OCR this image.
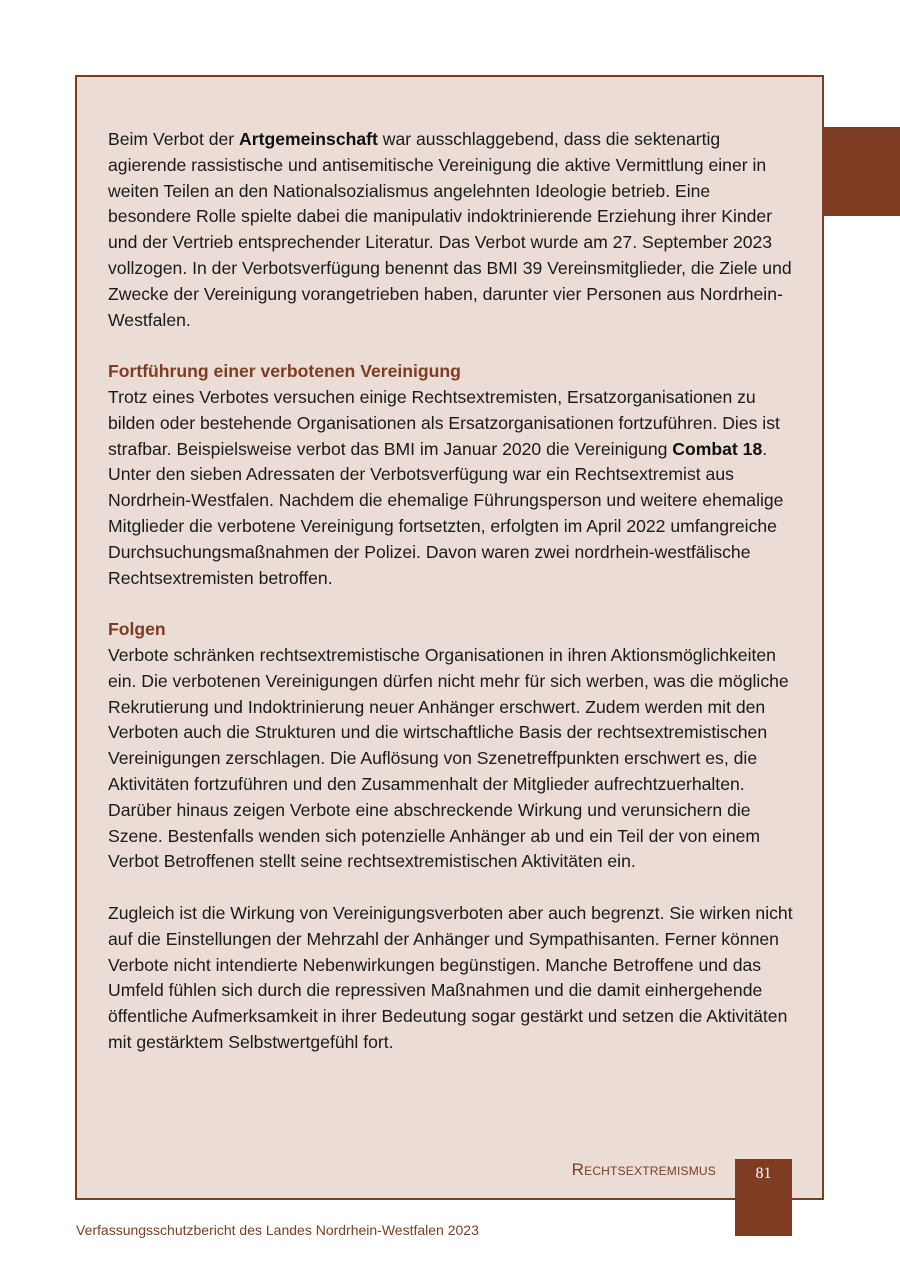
Beim Verbot der Artgemeinschaft war ausschlaggebend, dass die sektenartig agierende rassistische und antisemitische Vereinigung die aktive Vermittlung einer in weiten Teilen an den Nationalsozialismus angelehnten Ideologie betrieb. Eine besondere Rolle spielte dabei die manipulativ indoktrinierende Erziehung ihrer Kinder und der Vertrieb entsprechender Literatur. Das Verbot wurde am 27. September 2023 vollzogen. In der Verbotsverfügung benennt das BMI 39 Vereinsmitglieder, die Ziele und Zwecke der Vereinigung vorangetrieben haben, darunter vier Personen aus Nordrhein-Westfalen.

Fortführung einer verbotenen Vereinigung

Trotz eines Verbotes versuchen einige Rechtsextremisten, Ersatzorganisationen zu bilden oder bestehende Organisationen als Ersatzorganisationen fortzuführen. Dies ist strafbar. Beispielsweise verbot das BMI im Januar 2020 die Vereinigung Combat 18. Unter den sieben Adressaten der Verbotsverfügung war ein Rechtsextremist aus Nordrhein-Westfalen. Nachdem die ehemalige Führungsperson und weitere ehemalige Mitglieder die verbotene Vereinigung fortsetzten, erfolgten im April 2022 umfangreiche Durchsuchungsmaßnahmen der Polizei. Davon waren zwei nordrhein-westfälische Rechtsextremisten betroffen.

Folgen

Verbote schränken rechtsextremistische Organisationen in ihren Aktionsmöglichkeiten ein. Die verbotenen Vereinigungen dürfen nicht mehr für sich werben, was die mögliche Rekrutierung und Indoktrinierung neuer Anhänger erschwert. Zudem werden mit den Verboten auch die Strukturen und die wirtschaftliche Basis der rechtsextremistischen Vereinigungen zerschlagen. Die Auflösung von Szenetreffpunkten erschwert es, die Aktivitäten fortzuführen und den Zusammenhalt der Mitglieder aufrechtzuerhalten. Darüber hinaus zeigen Verbote eine abschreckende Wirkung und verunsichern die Szene. Bestenfalls wenden sich potenzielle Anhänger ab und ein Teil der von einem Verbot Betroffenen stellt seine rechtsextremistischen Aktivitäten ein.

Zugleich ist die Wirkung von Vereinigungsverboten aber auch begrenzt. Sie wirken nicht auf die Einstellungen der Mehrzahl der Anhänger und Sympathisanten. Ferner können Verbote nicht intendierte Nebenwirkungen begünstigen. Manche Betroffene und das Umfeld fühlen sich durch die repressiven Maßnahmen und die damit einhergehende öffentliche Aufmerksamkeit in ihrer Bedeutung sogar gestärkt und setzen die Aktivitäten mit gestärktem Selbstwertgefühl fort.

Rechtsextremismus	81
Verfassungsschutzbericht des Landes Nordrhein-Westfalen 2023
